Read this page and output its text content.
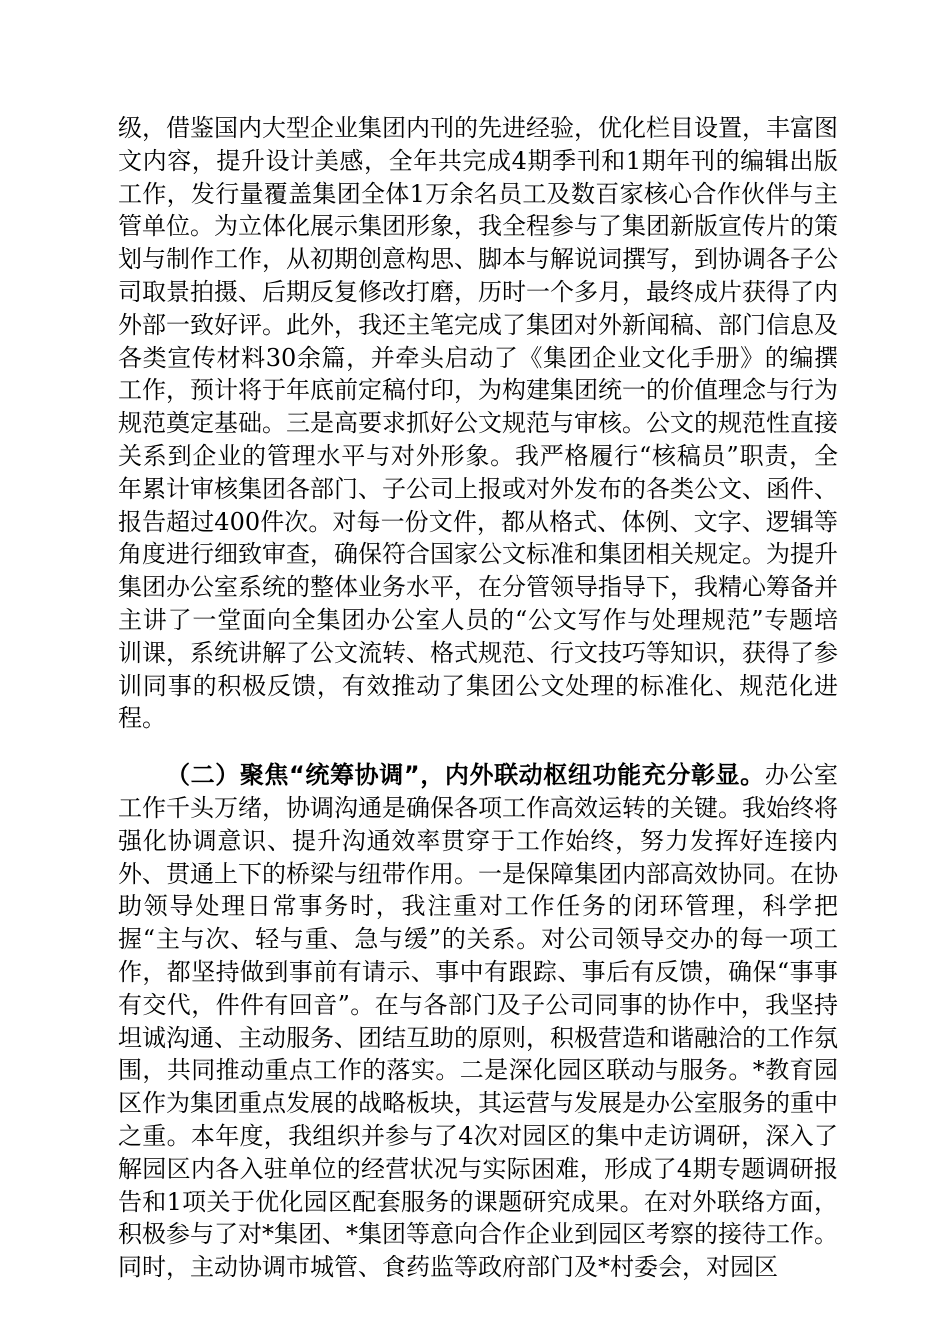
级，借鉴国内大型企业集团内刊的先进经验，优化栏目设置，丰富图文内容，提升设计美感，全年共完成4期季刊和1期年刊的编辑出版工作，发行量覆盖集团全体1万余名员工及数百家核心合作伙伴与主管单位。为立体化展示集团形象，我全程参与了集团新版宣传片的策划与制作工作，从初期创意构思、脚本与解说词撰写，到协调各子公司取景拍摄、后期反复修改打磨，历时一个多月，最终成片获得了内外部一致好评。此外，我还主笔完成了集团对外新闻稿、部门信息及各类宣传材料30余篇，并牵头启动了《集团企业文化手册》的编撰工作，预计将于年底前定稿付印，为构建集团统一的价值理念与行为规范奠定基础。三是高要求抓好公文规范与审核。公文的规范性直接关系到企业的管理水平与对外形象。我严格履行“核稿员”职责，全年累计审核集团各部门、子公司上报或对外发布的各类公文、函件、报告超过400件次。对每一份文件，都从格式、体例、文字、逻辑等角度进行细致审查，确保符合国家公文标准和集团相关规定。为提升集团办公室系统的整体业务水平，在分管领导指导下，我精心筹备并主讲了一堂面向全集团办公室人员的“公文写作与处理规范”专题培训课，系统讲解了公文流转、格式规范、行文技巧等知识，获得了参训同事的积极反馈，有效推动了集团公文处理的标准化、规范化进程。

（二）聚焦“统筹协调”，内外联动枢纽功能充分彰显。办公室工作千头万绪，协调沟通是确保各项工作高效运转的关键。我始终将强化协调意识、提升沟通效率贯穿于工作始终，努力发挥好连接内外、贯通上下的桥梁与纽带作用。一是保障集团内部高效协同。在协助领导处理日常事务时，我注重对工作任务的闭环管理，科学把握“主与次、轻与重、急与缓”的关系。对公司领导交办的每一项工作，都坚持做到事前有请示、事中有跟踪、事后有反馈，确保“事事有交代，件件有回音”。在与各部门及子公司同事的协作中，我坚持坦诚沟通、主动服务、团结互助的原则，积极营造和谐融洽的工作氛围，共同推动重点工作的落实。二是深化园区联动与服务。*教育园区作为集团重点发展的战略板块，其运营与发展是办公室服务的重中之重。本年度，我组织并参与了4次对园区的集中走访调研，深入了解园区内各入驻单位的经营状况与实际困难，形成了4期专题调研报告和1项关于优化园区配套服务的课题研究成果。在对外联络方面，积极参与了对*集团、*集团等意向合作企业到园区考察的接待工作。同时，主动协调市城管、食药监等政府部门及*村委会，对园区
